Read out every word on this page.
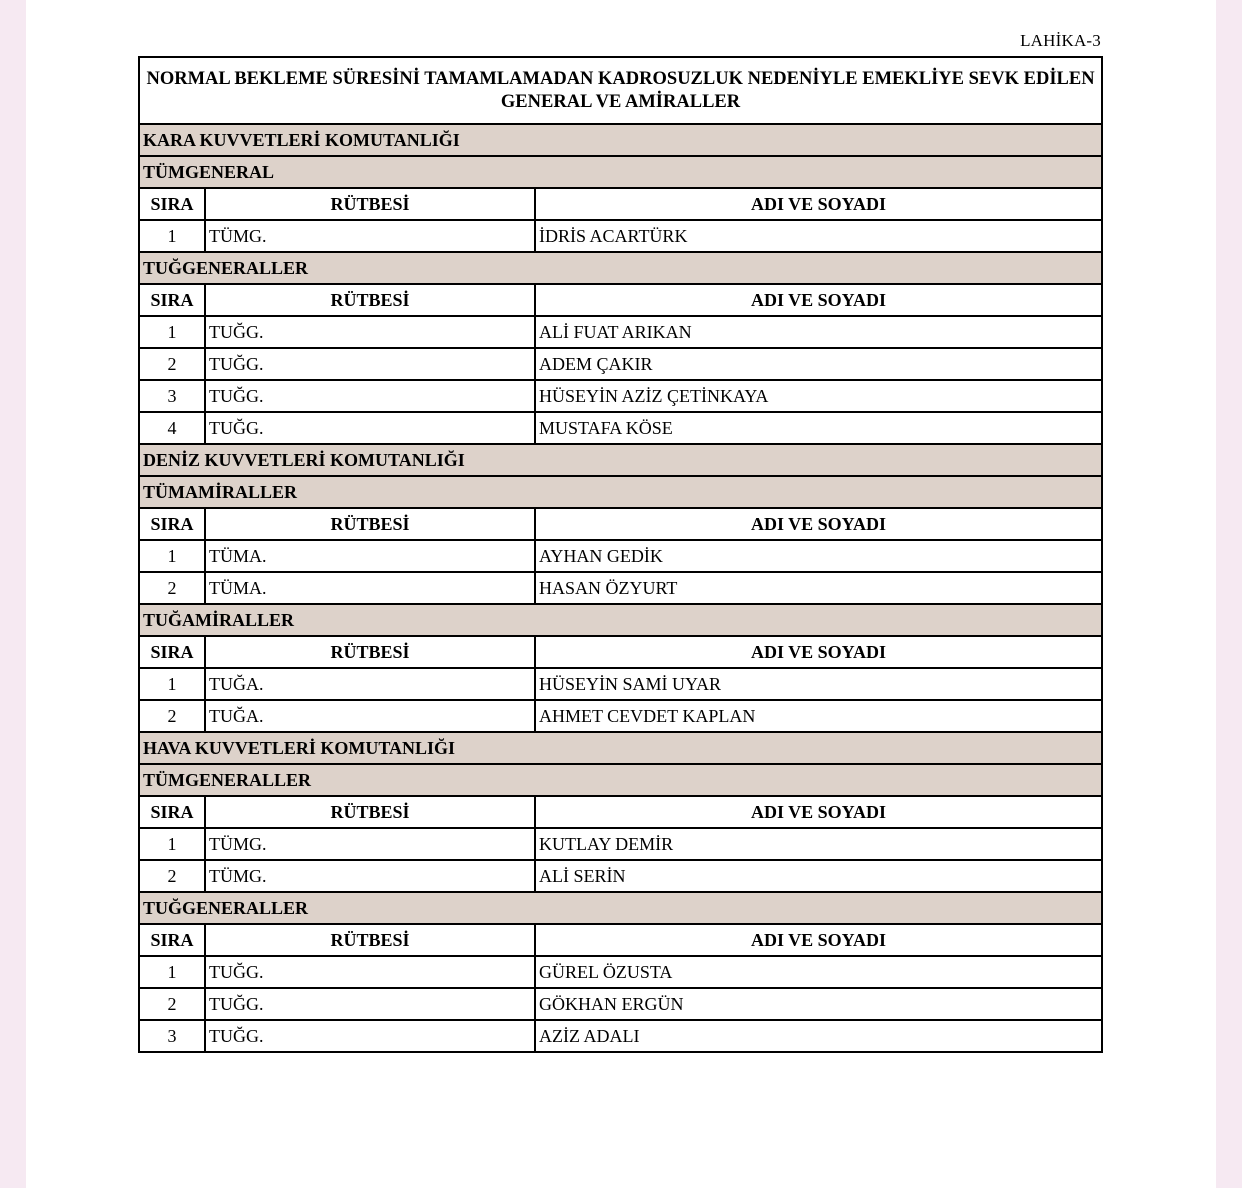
LAHİKA-3
NORMAL BEKLEME SÜRESİNİ TAMAMLAMADAN KADROSUZLUK NEDENİYLE EMEKLİYE SEVK EDİLEN
GENERAL VE AMİRALLER		
KARA KUVVETLERİ KOMUTANLIĞI		
TÜMGENERAL		
SIRA	RÜTBESİ	ADI VE SOYADI
1	TÜMG.	İDRİS ACARTÜRK
TUĞGENERALLER		
SIRA	RÜTBESİ	ADI VE SOYADI
1	TUĞG.	ALİ FUAT ARIKAN
2	TUĞG.	ADEM ÇAKIR
3	TUĞG.	HÜSEYİN AZİZ ÇETİNKAYA
4	TUĞG.	MUSTAFA KÖSE
DENİZ KUVVETLERİ KOMUTANLIĞI		
TÜMAMİRALLER		
SIRA	RÜTBESİ	ADI VE SOYADI
1	TÜMA.	AYHAN GEDİK
2	TÜMA.	HASAN ÖZYURT
TUĞAMİRALLER		
SIRA	RÜTBESİ	ADI VE SOYADI
1	TUĞA.	HÜSEYİN SAMİ UYAR
2	TUĞA.	AHMET CEVDET KAPLAN
HAVA KUVVETLERİ KOMUTANLIĞI		
TÜMGENERALLER		
SIRA	RÜTBESİ	ADI VE SOYADI
1	TÜMG.	KUTLAY DEMİR
2	TÜMG.	ALİ SERİN
TUĞGENERALLER		
SIRA	RÜTBESİ	ADI VE SOYADI
1	TUĞG.	GÜREL ÖZUSTA
2	TUĞG.	GÖKHAN ERGÜN
3	TUĞG.	AZİZ ADALI
